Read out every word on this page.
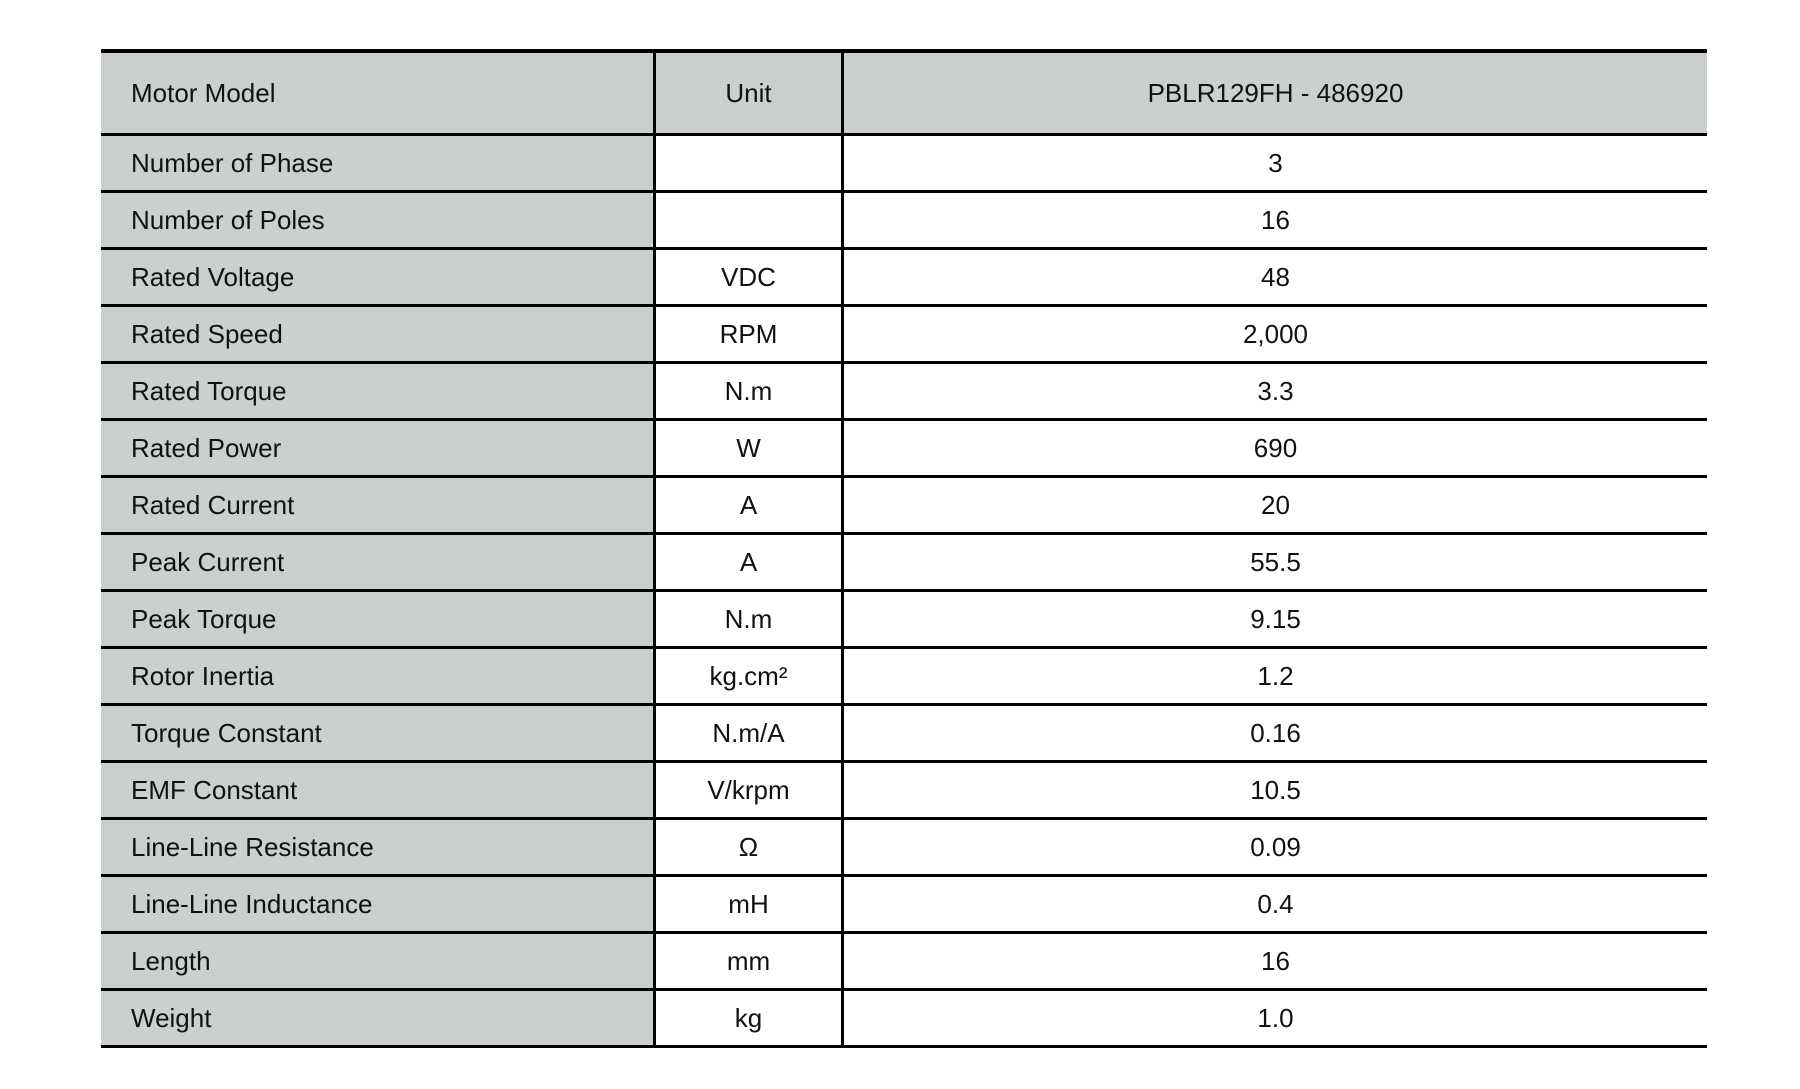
Motor Model	Unit	PBLR129FH - 486920
Number of Phase		3
Number of Poles		16
Rated Voltage	VDC	48
Rated Speed	RPM	2,000
Rated Torque	N.m	3.3
Rated Power	W	690
Rated Current	A	20
Peak Current	A	55.5
Peak Torque	N.m	9.15
Rotor Inertia	kg.cm²	1.2
Torque Constant	N.m/A	0.16
EMF Constant	V/krpm	10.5
Line-Line Resistance	Ω	0.09
Line-Line Inductance	mH	0.4
Length	mm	16
Weight	kg	1.0
